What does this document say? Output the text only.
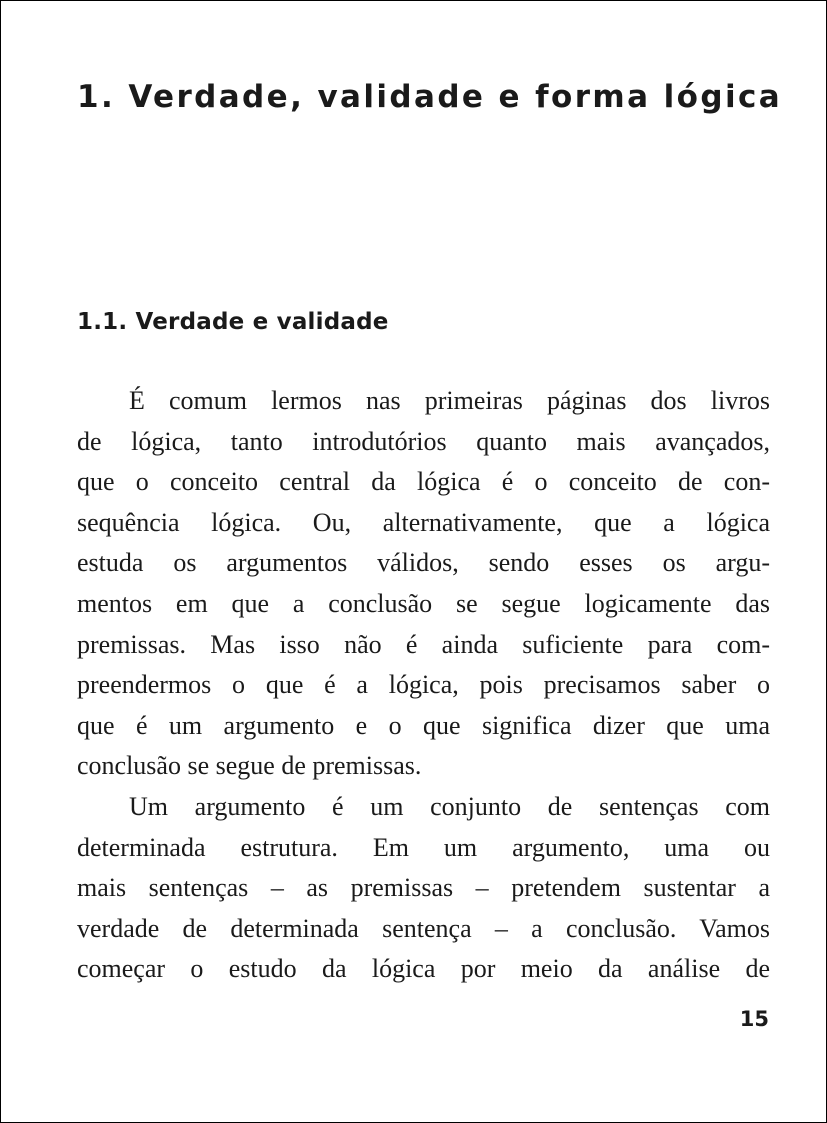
1. Verdade, validade e forma lógica
1.1. Verdade e validade
É comum lermos nas primeiras páginas dos livros
de lógica, tanto introdutórios quanto mais avançados,
que o conceito central da lógica é o conceito de con-
sequência lógica. Ou, alternativamente, que a lógica
estuda os argumentos válidos, sendo esses os argu-
mentos em que a conclusão se segue logicamente das
premissas. Mas isso não é ainda suficiente para com-
preendermos o que é a lógica, pois precisamos saber o
que é um argumento e o que significa dizer que uma
conclusão se segue de premissas.
Um argumento é um conjunto de sentenças com
determinada estrutura. Em um argumento, uma ou
mais sentenças – as premissas – pretendem sustentar a
verdade de determinada sentença – a conclusão. Vamos
começar o estudo da lógica por meio da análise de
15
